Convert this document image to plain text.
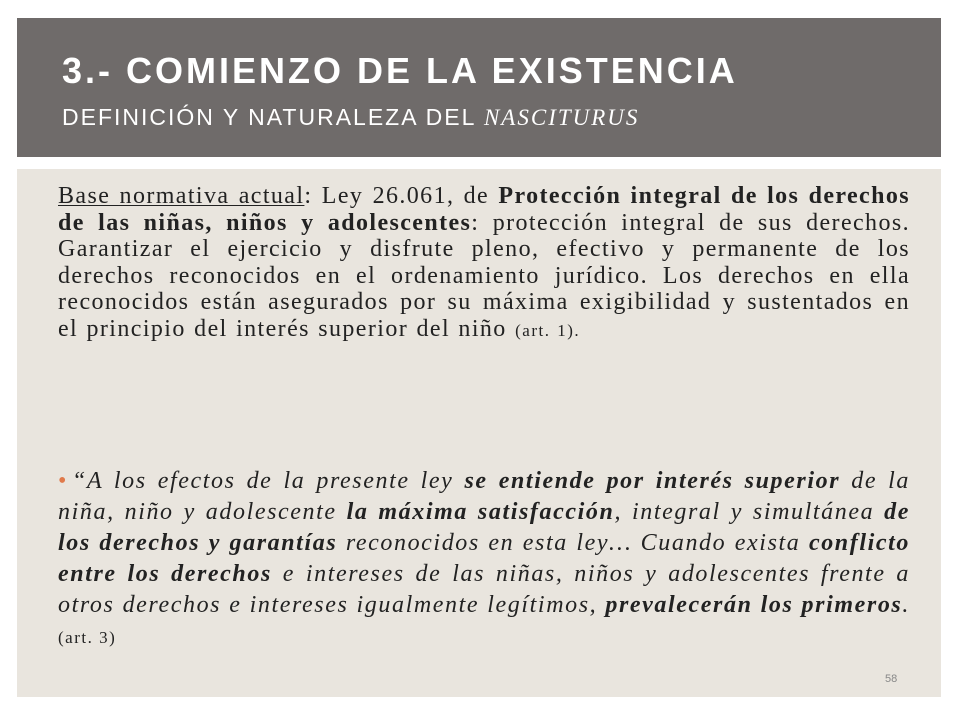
3.- COMIENZO DE LA EXISTENCIA
DEFINICIÓN Y NATURALEZA DEL NASCITURUS

Base normativa actual: Ley 26.061, de Protección integral de los derechos de las niñas, niños y adolescentes: protección integral de sus derechos. Garantizar el ejercicio y disfrute pleno, efectivo y permanente de los derechos reconocidos en el ordenamiento jurídico. Los derechos en ella reconocidos están asegurados por su máxima exigibilidad y sustentados en el principio del interés superior del niño (art. 1).

• “A los efectos de la presente ley se entiende por interés superior de la niña, niño y adolescente la máxima satisfacción, integral y simultánea de los derechos y garantías reconocidos en esta ley… Cuando exista conflicto entre los derechos e intereses de las niñas, niños y adolescentes frente a otros derechos e intereses igualmente legítimos, prevalecerán los primeros. (art. 3)

58
